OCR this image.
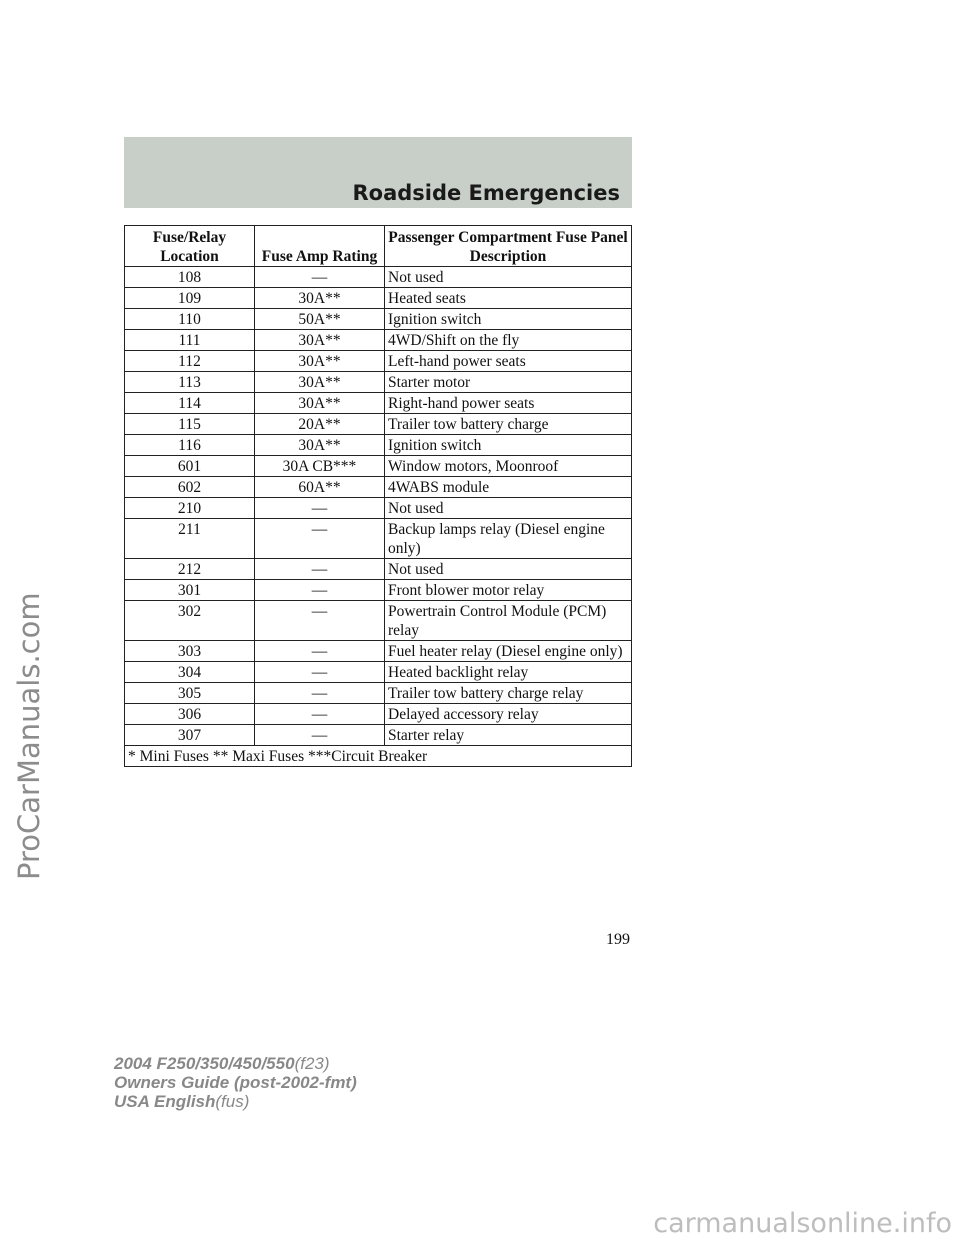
Roadside Emergencies
Fuse/Relay Location	Fuse Amp Rating	Passenger Compartment Fuse Panel Description
108	—	Not used
109	30A**	Heated seats
110	50A**	Ignition switch
111	30A**	4WD/Shift on the fly
112	30A**	Left-hand power seats
113	30A**	Starter motor
114	30A**	Right-hand power seats
115	20A**	Trailer tow battery charge
116	30A**	Ignition switch
601	30A CB***	Window motors, Moonroof
602	60A**	4WABS module
210	—	Not used
211	—	Backup lamps relay (Diesel engine only)
212	—	Not used
301	—	Front blower motor relay
302	—	Powertrain Control Module (PCM) relay
303	—	Fuel heater relay (Diesel engine only)
304	—	Heated backlight relay
305	—	Trailer tow battery charge relay
306	—	Delayed accessory relay
307	—	Starter relay
* Mini Fuses ** Maxi Fuses ***Circuit Breaker		
199
2004 F250/350/450/550(f23)
Owners Guide (post-2002-fmt)
USA English(fus)
ProCarManuals.com
carmanualsonline.info
